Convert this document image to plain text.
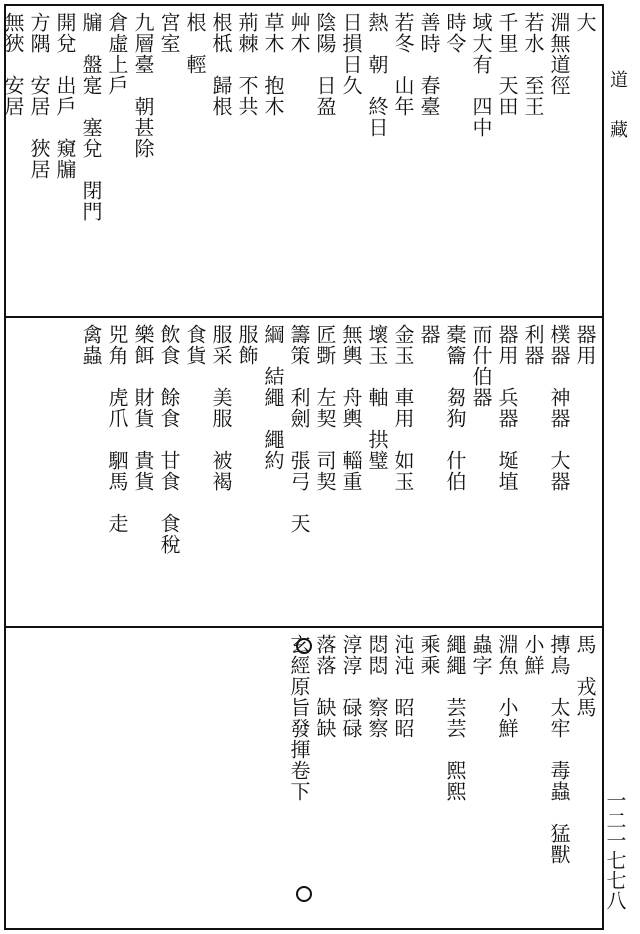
大
淵無道徑
若水　至王
千里　天田
域大有　四中
時令
善時　春臺
若冬　山年
熱　朝　終日
日損日久
陰陽　日盈
艸木
草木　抱木
荊棘　不共
根柢　歸根
根　輕
宮室
九層臺　朝甚除
倉虛上戶
牖　盤寔　塞兌　閉門
開兌　出戶　窺牖
方隅　安居　狹居
無狹　安居
器用
樸器　神器　大器
利器
器用　兵器　埏埴
而什伯器
橐籥　芻狗　什伯
器
金玉　車用　如玉
壞玉　軸　拱璧
無輿　舟輿　輜重
匠斲　左契　司契
籌策　利劍　張弓　天
綱　結繩　繩約
服飾
服采　美服　被褐
食貨
飲食　餘食　甘食　食稅
樂餌　財貨　貴貨
兕角　虎爪　駟馬　走
禽蟲
馬　戎馬
摶鳥　太牢　毒蟲　猛獸
小鮮
淵魚　小鮮
蟲字
繩繩　芸芸　熙熙
乘乘
沌沌　昭昭
悶悶　察察
淳淳　碌碌
落落　缺缺
玄經原旨發揮卷下
道
藏
一二一七七八
